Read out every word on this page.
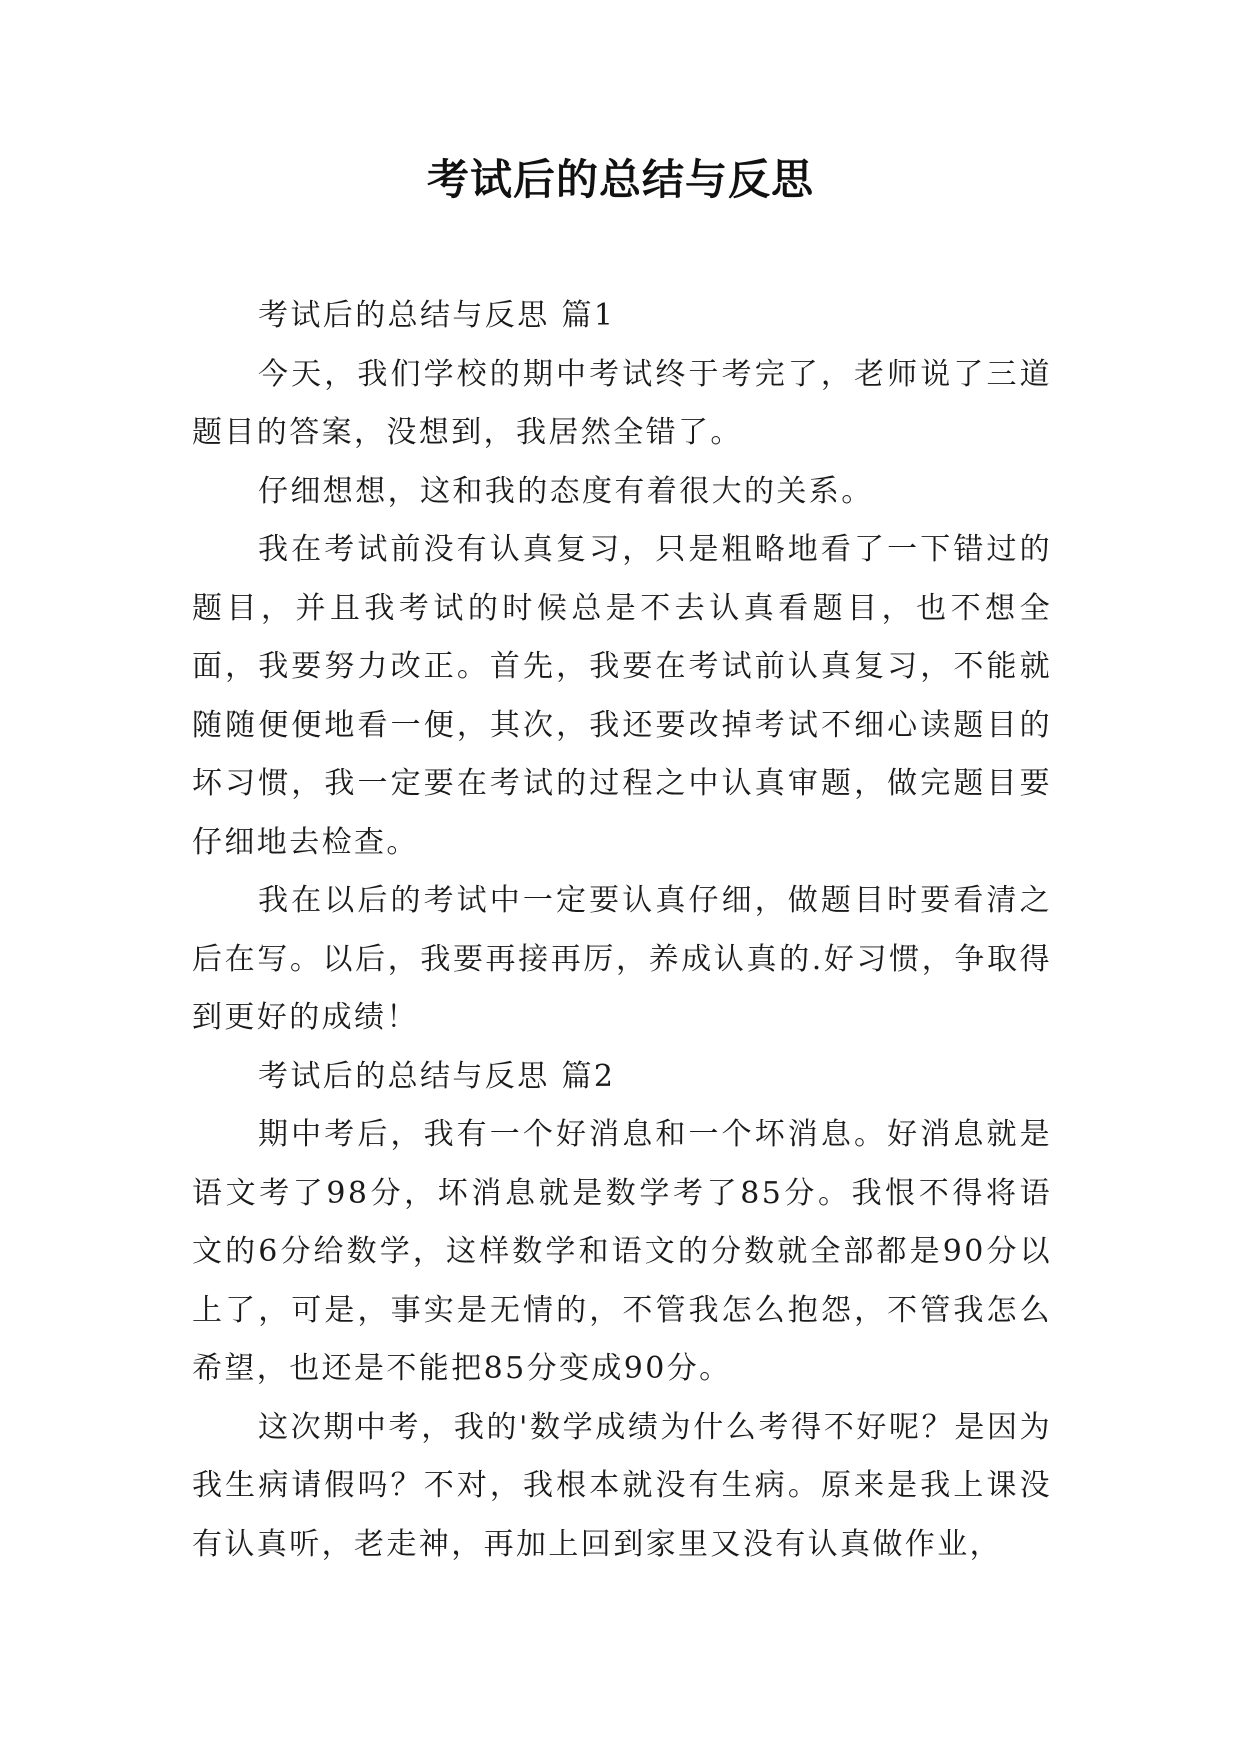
考试后的总结与反思

考试后的总结与反思 篇1

今天，我们学校的期中考试终于考完了，老师说了三道题目的答案，没想到，我居然全错了。

仔细想想，这和我的态度有着很大的关系。

我在考试前没有认真复习，只是粗略地看了一下错过的题目，并且我考试的时候总是不去认真看题目，也不想全面，我要努力改正。首先，我要在考试前认真复习，不能就随随便便地看一便，其次，我还要改掉考试不细心读题目的坏习惯，我一定要在考试的过程之中认真审题，做完题目要仔细地去检查。

我在以后的考试中一定要认真仔细，做题目时要看清之后在写。以后，我要再接再厉，养成认真的.好习惯，争取得到更好的成绩！

考试后的总结与反思 篇2

期中考后，我有一个好消息和一个坏消息。好消息就是语文考了98分，坏消息就是数学考了85分。我恨不得将语文的6分给数学，这样数学和语文的分数就全部都是90分以上了，可是，事实是无情的，不管我怎么抱怨，不管我怎么希望，也还是不能把85分变成90分。

这次期中考，我的'数学成绩为什么考得不好呢？是因为我生病请假吗？不对，我根本就没有生病。原来是我上课没有认真听，老走神，再加上回到家里又没有认真做作业，
